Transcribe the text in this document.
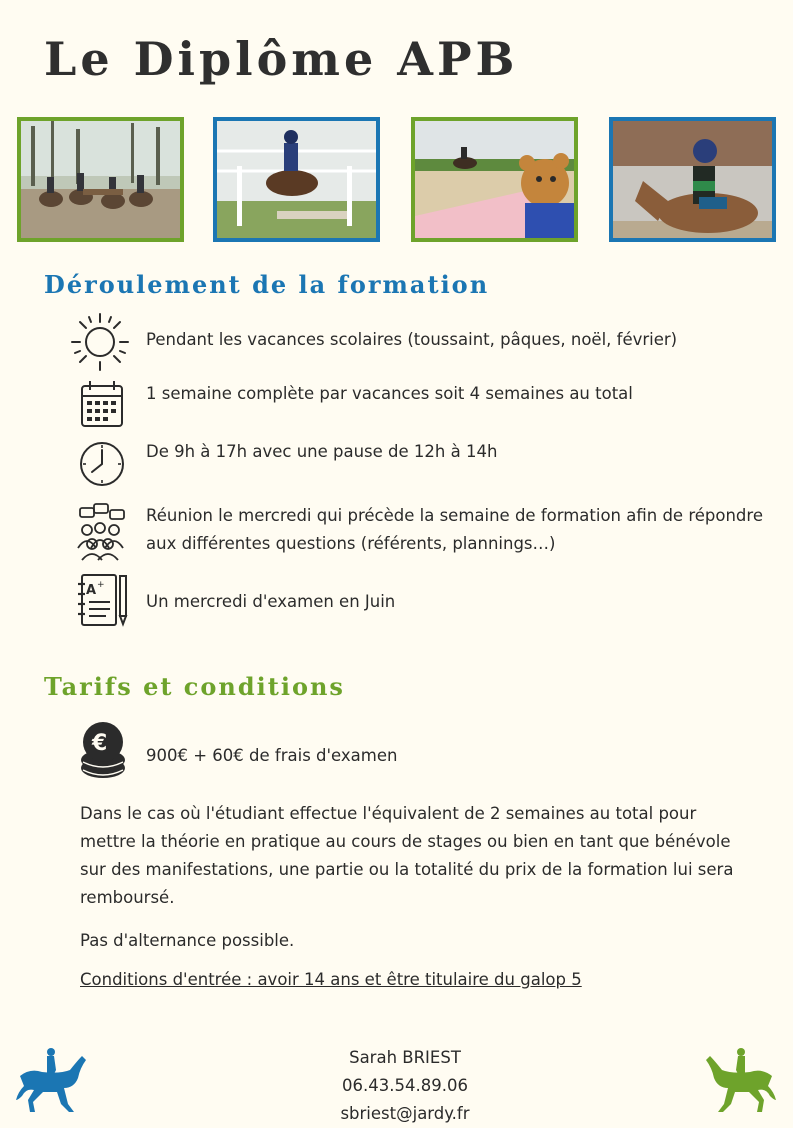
Le Diplôme APB
Déroulement de la formation
Pendant les vacances scolaires (toussaint, pâques, noël, février)
1 semaine complète par vacances soit 4 semaines au total
De 9h à 17h avec une pause de 12h à 14h
Réunion le mercredi qui précède la semaine de formation afin de répondre aux différentes questions (référents, plannings…)
A +
Un mercredi d'examen en Juin
Tarifs et conditions
€ 900€ + 60€ de frais d'examen

Dans le cas où l'étudiant effectue l'équivalent de 2 semaines au total pour mettre la théorie en pratique au cours de stages ou bien en tant que bénévole sur des manifestations, une partie ou la totalité du prix de la formation lui sera remboursé.

Pas d'alternance possible.

Conditions d'entrée : avoir 14 ans et être titulaire du galop 5

Sarah BRIEST
06.43.54.89.06
sbriest@jardy.fr
